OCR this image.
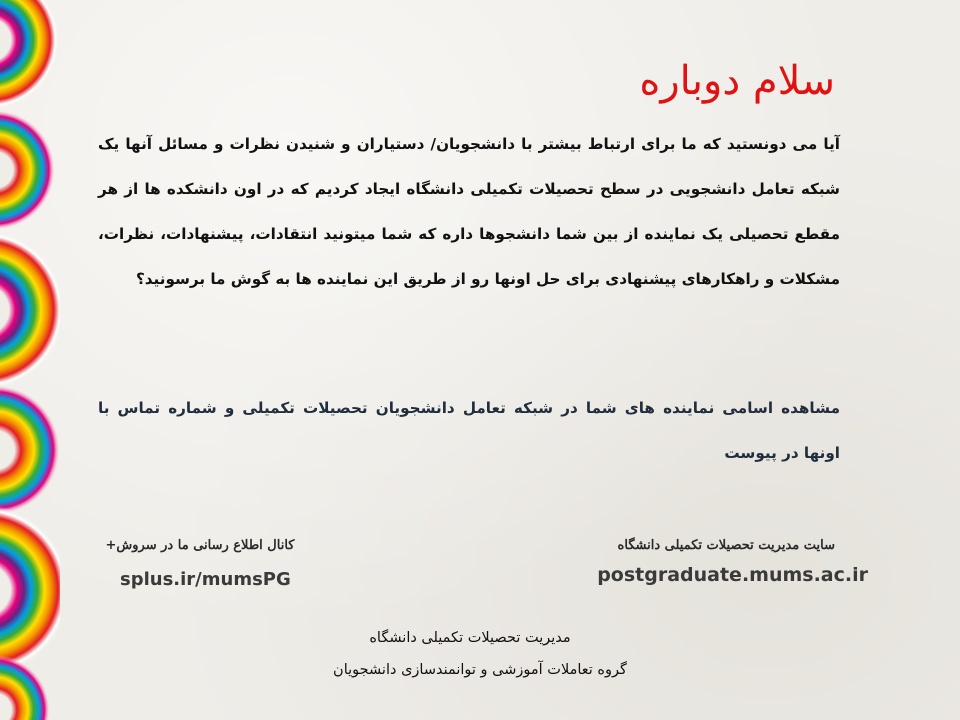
سلام دوباره
آیا می دونستید که ما برای ارتباط بیشتر با دانشجویان/ دستیاران و شنیدن نظرات و مسائل آنها یک شبکه تعامل دانشجویی در سطح تحصیلات تکمیلی دانشگاه ایجاد کردیم که در اون دانشکده ها از هر مقطع تحصیلی یک نماینده از بین شما دانشجوها داره که شما میتونید انتقادات، پیشنهادات، نظرات، مشکلات و راهکارهای پیشنهادی برای حل اونها رو از طریق این نماینده ها به گوش ما برسونید؟
مشاهده اسامی نماینده های شما در شبکه تعامل دانشجویان تحصیلات تکمیلی و شماره تماس با اونها در پیوست
سایت مدیریت تحصیلات تکمیلی دانشگاه
postgraduate.mums.ac.ir
کانال اطلاع رسانی ما در سروش+
splus.ir/mumsPG
مدیریت تحصیلات تکمیلی دانشگاه
گروه تعاملات آموزشی و توانمندسازی دانشجویان
